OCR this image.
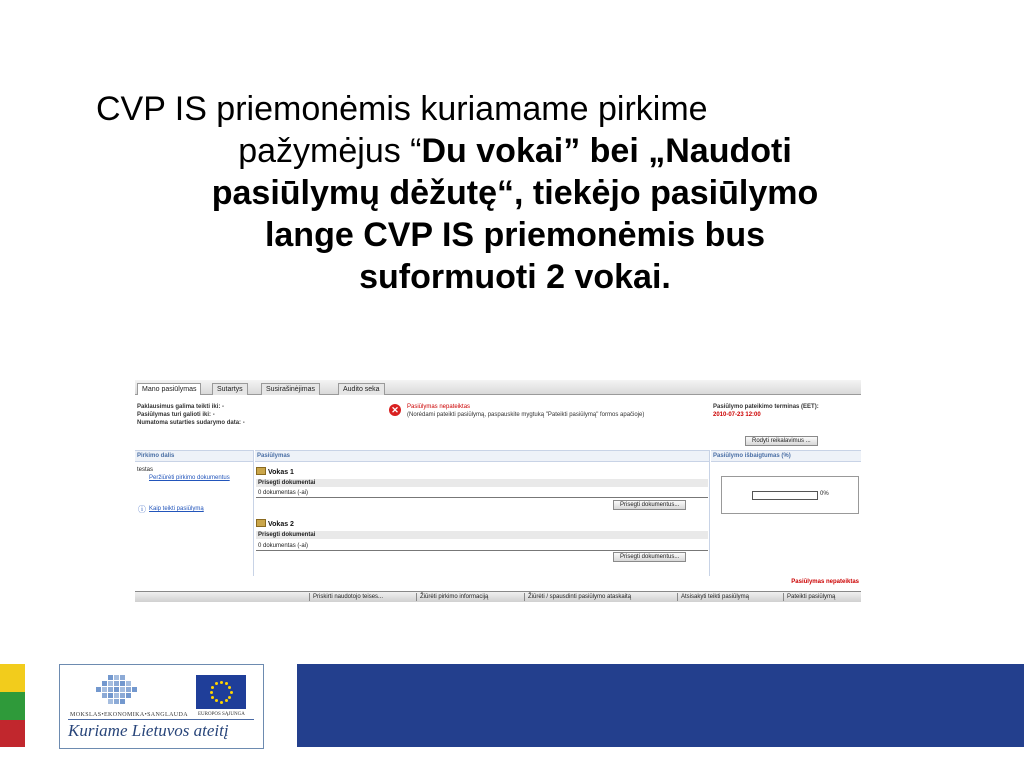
CVP IS priemonėmis kuriamame pirkime
pažymėjus “Du vokai” bei „Naudoti
pasiūlymų dėžutę“, tiekėjo pasiūlymo
lange CVP IS priemonėmis bus
suformuoti 2 vokai.
Mano pasiūlymas	Sutartys	Susirašinėjimas	Audito seka
Paklausimus galima teikti iki: -
Pasiūlymas turi galioti iki: -
Numatoma sutarties sudarymo data: -
✕	Pasiūlymas nepateiktas
(Norėdami pateikti pasiūlymą, paspauskite mygtuką "Pateikti pasiūlymą" formos apačioje)
Pasiūlymo pateikimo terminas (EET):
2010-07-23 12:00
Rodyti reikalavimus ...
Pirkimo dalis	Pasiūlymas	Pasiūlymo išbaigtumas (%)
testas
Peržiūrėti pirkimo dokumentus
ⓘ Kaip teikti pasiūlymą
Vokas 1
Prisegti dokumentai
0 dokumentas (-ai)
Prisegti dokumentus...
Vokas 2
Prisegti dokumentai
0 dokumentas (-ai)
Prisegti dokumentus...
0%
Pasiūlymas nepateiktas
Priskirti naudotojo teises...	Žiūrėti pirkimo informaciją	Žiūrėti / spausdinti pasiūlymo ataskaitą	Atsisakyti teikti pasiūlymą	Pateikti pasiūlymą
MOKSLAS•EKONOMIKA•SANGLAUDA EUROPOS SĄJUNGA
Kuriame Lietuvos ateitį
